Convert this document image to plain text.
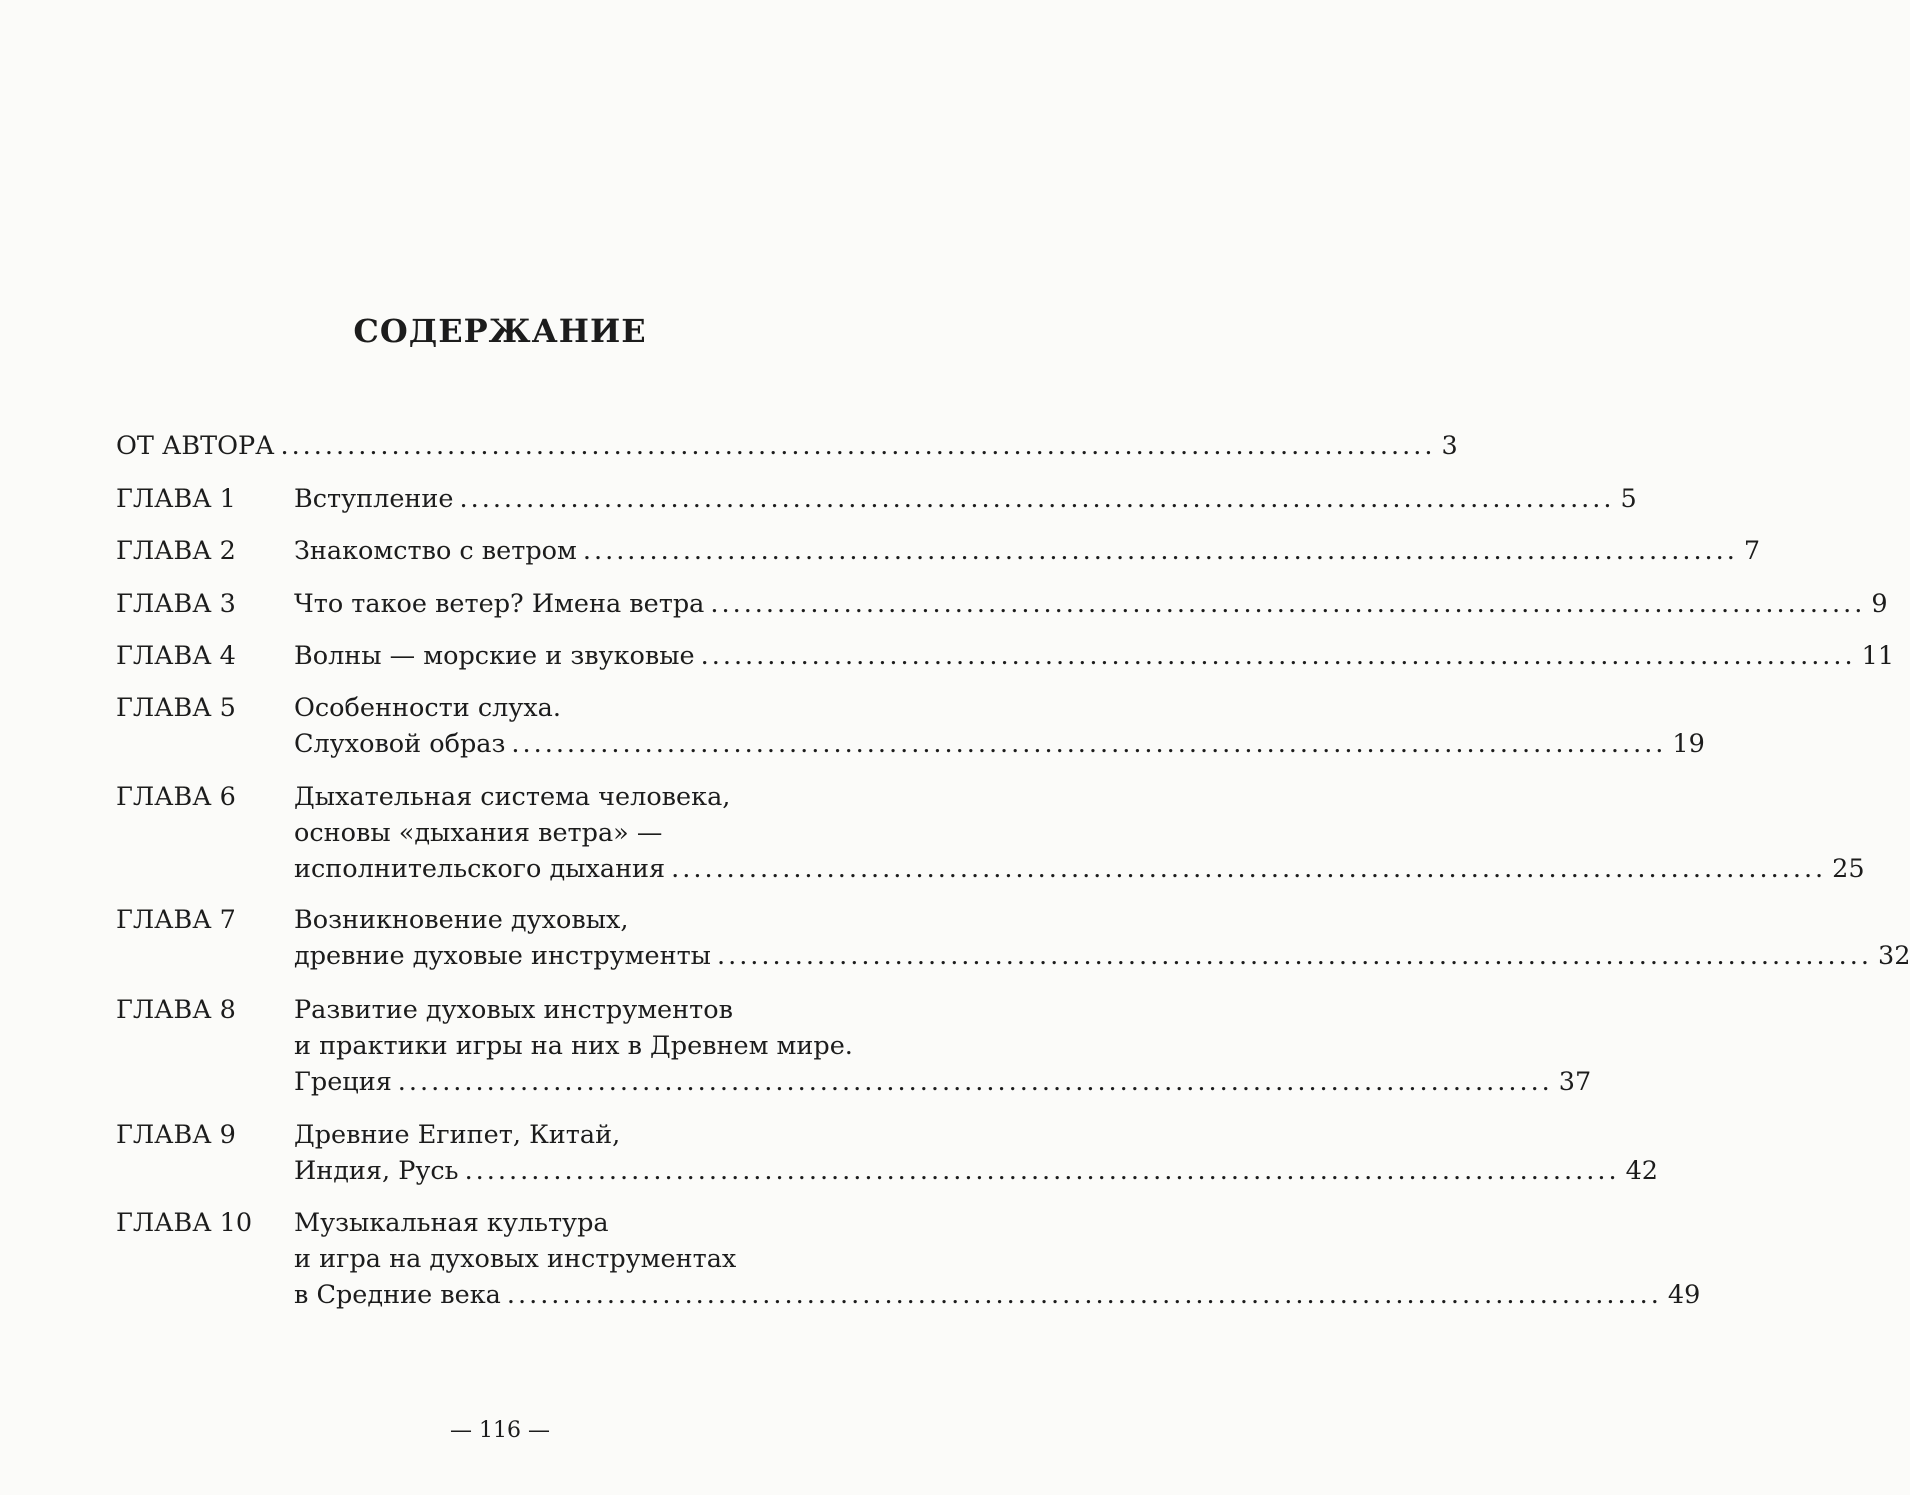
СОДЕРЖАНИЕ
ОТ АВТОРА ........................................................................................................ 3
ГЛАВА 1 Вступление ........................................................................................................ 5
ГЛАВА 2 Знакомство с ветром ........................................................................................................ 7
ГЛАВА 3 Что такое ветер? Имена ветра ........................................................................................................ 9
ГЛАВА 4 Волны — морские и звуковые ........................................................................................................ 11
ГЛАВА 5 Особенности слуха.
Слуховой образ ........................................................................................................ 19
ГЛАВА 6 Дыхательная система человека,
основы «дыхания ветра» —
исполнительского дыхания ........................................................................................................ 25
ГЛАВА 7 Возникновение духовых,
древние духовые инструменты ........................................................................................................ 32
ГЛАВА 8 Развитие духовых инструментов
и практики игры на них в Древнем мире.
Греция ........................................................................................................ 37
ГЛАВА 9 Древние Египет, Китай,
Индия, Русь ........................................................................................................ 42
ГЛАВА 10 Музыкальная культура
и игра на духовых инструментах
в Средние века ........................................................................................................ 49
— 116 —
